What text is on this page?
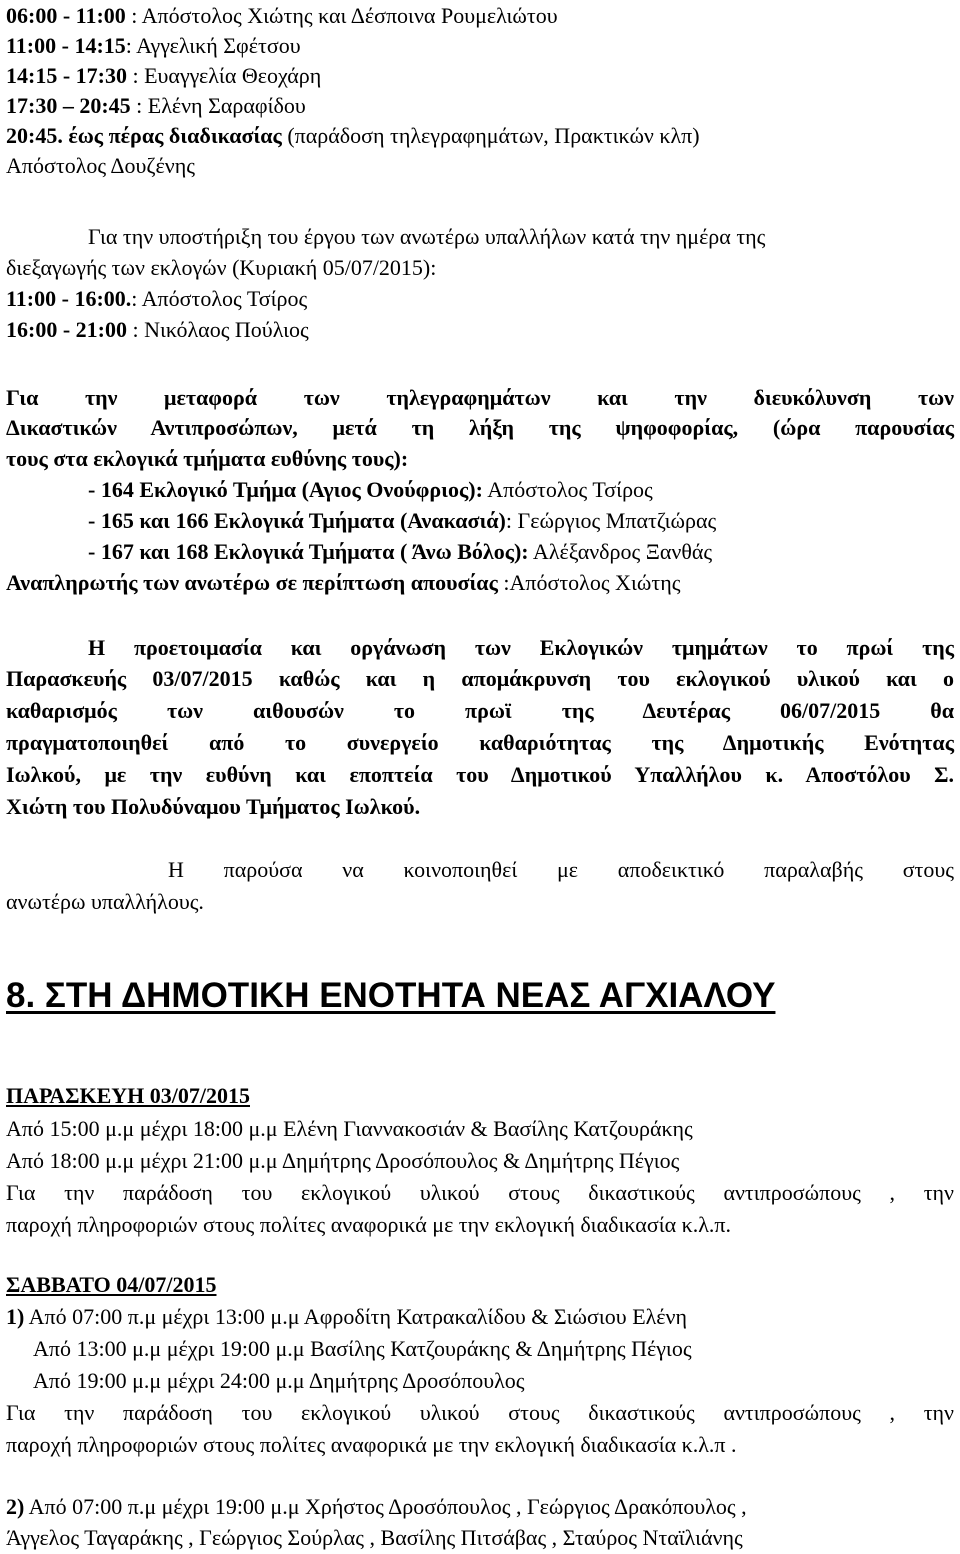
06:00 - 11:00 : Απόστολος Χιώτης και Δέσποινα Ρουμελιώτου
11:00 - 14:15: Αγγελική Σφέτσου
14:15 - 17:30 : Ευαγγελία Θεοχάρη
17:30 – 20:45 : Ελένη Σαραφίδου
20:45. έως πέρας διαδικασίας (παράδοση τηλεγραφημάτων, Πρακτικών κλπ)
Απόστολος Δουζένης
Για την υποστήριξη του έργου των ανωτέρω υπαλλήλων κατά την ημέρα της
διεξαγωγής των εκλογών (Κυριακή 05/07/2015):
11:00 - 16:00.: Απόστολος Τσίρος
16:00 - 21:00 : Νικόλαος Πούλιος
Για την μεταφορά των τηλεγραφημάτων και την διευκόλυνση των
Δικαστικών Αντιπροσώπων, μετά τη λήξη της ψηφοφορίας, (ώρα παρουσίας
τους στα εκλογικά τμήματα ευθύνης τους):
- 164 Εκλογικό Τμήμα (Αγιος Ονούφριος): Απόστολος Τσίρος
- 165 και 166 Εκλογικά Τμήματα (Ανακασιά): Γεώργιος Μπατζιώρας
- 167 και 168 Εκλογικά Τμήματα ( Άνω Βόλος): Αλέξανδρος Ξανθάς
Αναπληρωτής των ανωτέρω σε περίπτωση απουσίας :Απόστολος Χιώτης
Η προετοιμασία και οργάνωση των Εκλογικών τμημάτων το πρωί της
Παρασκευής 03/07/2015 καθώς και η απομάκρυνση του εκλογικού υλικού και ο
καθαρισμός των αιθουσών το πρωϊ της Δευτέρας 06/07/2015 θα
πραγματοποιηθεί από το συνεργείο καθαριότητας της Δημοτικής Ενότητας
Ιωλκού, με την ευθύνη και εποπτεία του Δημοτικού Υπαλλήλου κ. Αποστόλου Σ.
Χιώτη του Πολυδύναμου Τμήματος Ιωλκού.
Η παρούσα να κοινοποιηθεί με αποδεικτικό παραλαβής στους
ανωτέρω υπαλλήλους.
8. ΣΤΗ ΔΗΜΟΤΙΚΗ ΕΝΟΤΗΤΑ ΝΕΑΣ ΑΓΧΙΑΛΟΥ
ΠΑΡΑΣΚΕΥΗ 03/07/2015
Από 15:00 μ.μ μέχρι 18:00 μ.μ Ελένη Γιαννακοσιάν & Βασίλης Κατζουράκης
Από 18:00 μ.μ μέχρι 21:00 μ.μ Δημήτρης Δροσόπουλος & Δημήτρης Πέγιος
Για την παράδοση του εκλογικού υλικού στους δικαστικούς αντιπροσώπους , την
παροχή πληροφοριών στους πολίτες αναφορικά με την εκλογική διαδικασία κ.λ.π.
ΣΑΒΒΑΤΟ 04/07/2015
1) Από 07:00 π.μ μέχρι 13:00 μ.μ Αφροδίτη Κατρακαλίδου & Σιώσιου Ελένη
Από 13:00 μ.μ μέχρι 19:00 μ.μ Βασίλης Κατζουράκης & Δημήτρης Πέγιος
Από 19:00 μ.μ μέχρι 24:00 μ.μ Δημήτρης Δροσόπουλος
Για την παράδοση του εκλογικού υλικού στους δικαστικούς αντιπροσώπους , την
παροχή πληροφοριών στους πολίτες αναφορικά με την εκλογική διαδικασία κ.λ.π .
2) Από 07:00 π.μ μέχρι 19:00 μ.μ Χρήστος Δροσόπουλος , Γεώργιος Δρακόπουλος ,
Άγγελος Ταγαράκης , Γεώργιος Σούρλας , Βασίλης Πιτσάβας , Σταύρος Νταϊλιάνης
